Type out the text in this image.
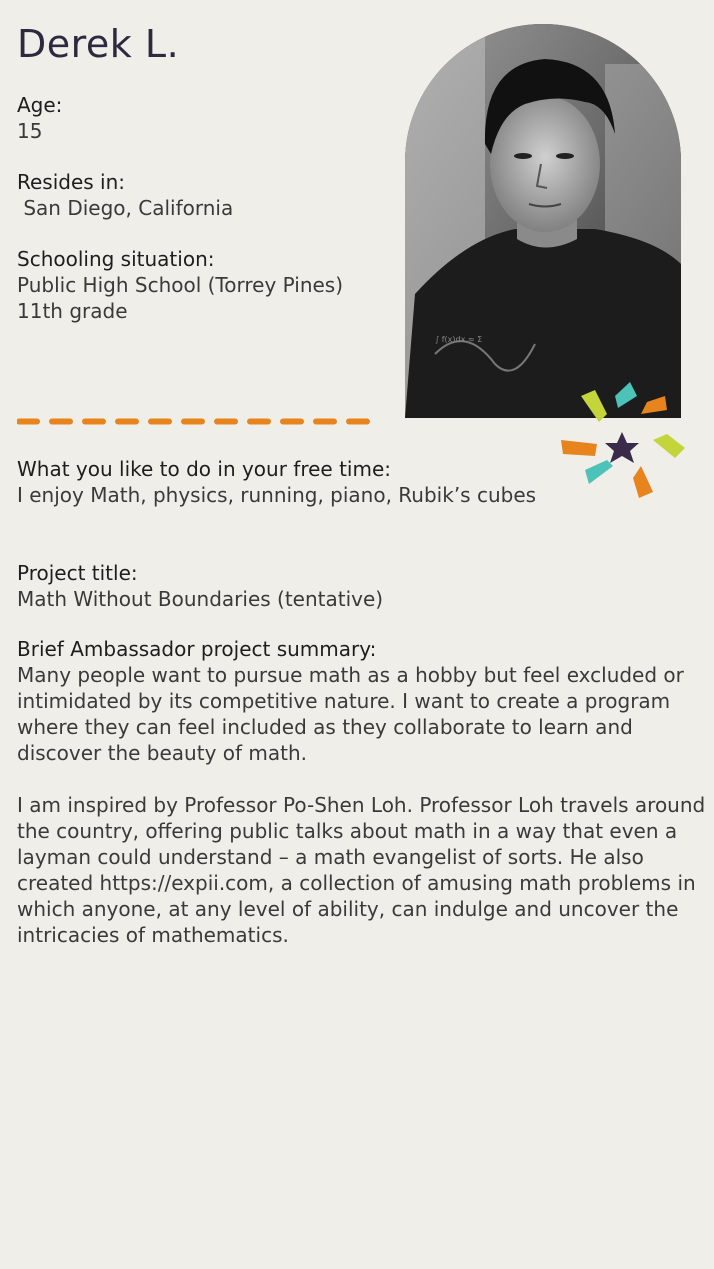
Derek L.
Age:
15
Resides in:
San Diego, California
Schooling situation:
Public High School (Torrey Pines)
11th grade
∫ f(x)dx ≈ Σ
What you like to do in your free time:
I enjoy Math, physics, running, piano, Rubik’s cubes
Project title:
Math Without Boundaries (tentative)
Brief Ambassador project summary:
Many people want to pursue math as a hobby but feel excluded or intimidated by its competitive nature. I want to create a program where they can feel included as they collaborate to learn and discover the beauty of math.
I am inspired by Professor Po-Shen Loh. Professor Loh travels around the country, offering public talks about math in a way that even a layman could understand – a math evangelist of sorts. He also created https://expii.com, a collection of amusing math problems in which anyone, at any level of ability, can indulge and uncover the intricacies of mathematics.
